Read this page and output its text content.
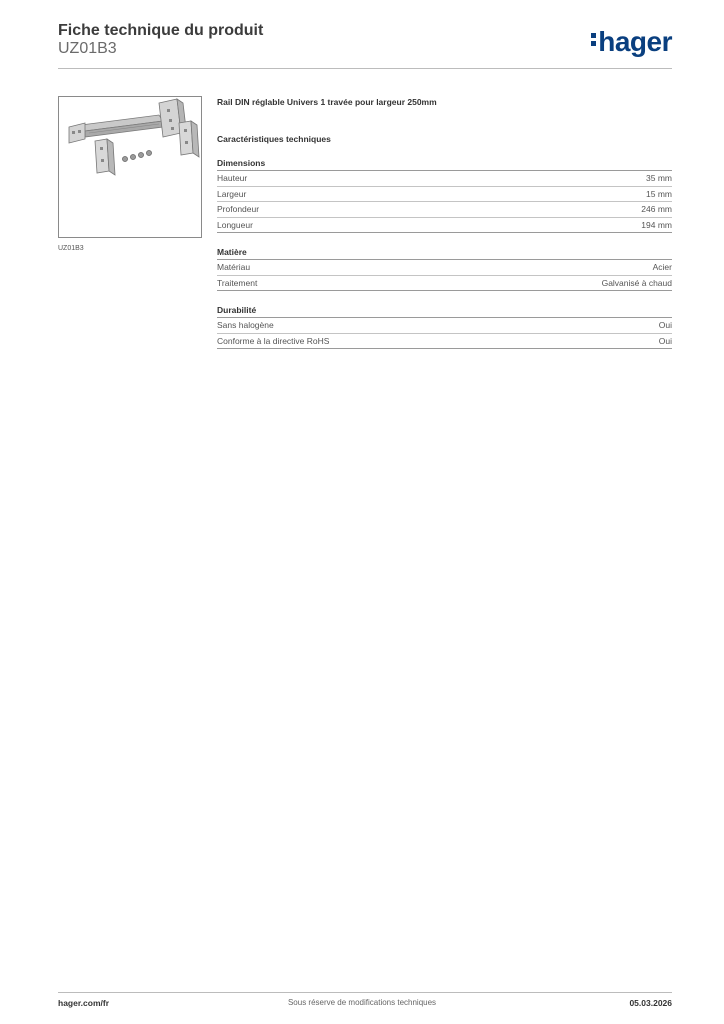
Fiche technique du produit
UZ01B3	hager
UZ01B3
Rail DIN réglable Univers 1 travée pour largeur 250mm
Caractéristiques techniques
Dimensions
Hauteur	35 mm
Largeur	15 mm
Profondeur	246 mm
Longueur	194 mm
Matière
Matériau	Acier
Traitement	Galvanisé à chaud
Durabilité
Sans halogène	Oui
Conforme à la directive RoHS	Oui
hager.com/fr	Sous réserve de modifications techniques	05.03.2026
